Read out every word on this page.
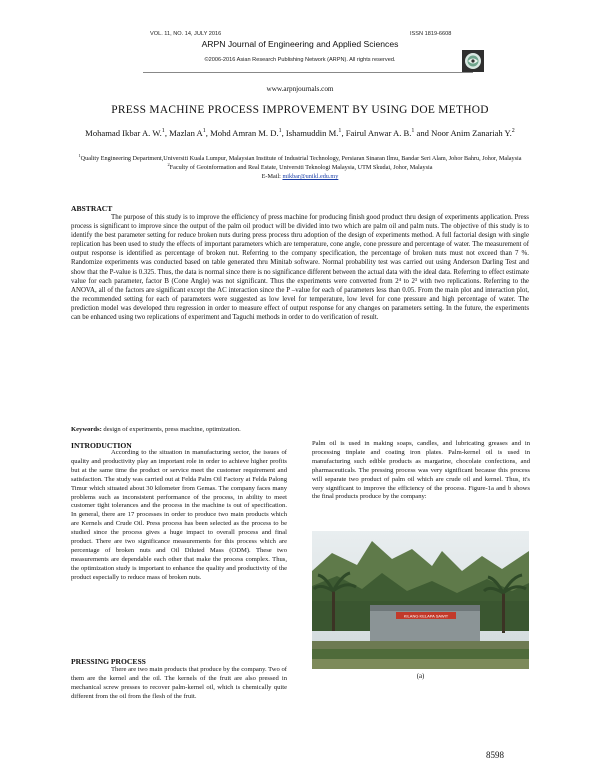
VOL. 11, NO. 14, JULY 2016	ISSN 1819-6608
ARPN Journal of Engineering and Applied Sciences
©2006-2016 Asian Research Publishing Network (ARPN). All rights reserved.
www.arpnjournals.com
PRESS MACHINE PROCESS IMPROVEMENT BY USING DOE METHOD
Mohamad Ikbar A. W.$^1$, Mazlan $A^1$, Mohd Amran M. D.$^1$, Ishamuddin M.$^1$, Fairul Anwar A. B.$^1$ and Noor Anim Zanariah Y.$^2$
$^1$Quality Engineering Department,Universiti Kuala Lumpur, Malaysian Institute of Industrial Technology, Persiaran Sinaran Ilmu, Bandar Seri Alam, Johor Bahru, Johor, Malaysia
$^2$Faculty of Geoinformation and Real Estate, Universiti Teknologi Malaysia, UTM Skudai, Johor, Malaysia
E-Mail: mikbar@unikl.edu.my
ABSTRACT

The purpose of this study is to improve the efficiency of press machine for producing finish good product thru design of experiments application. Press process is significant to improve since the output of the palm oil product will be divided into two which are palm oil and palm nuts. The objective of this study is to identify the best parameter setting for reduce broken nuts during press process thru adoption of the design of experiments method. A full factorial design with single replication has been used to study the effects of important parameters which are temperature, cone angle, cone pressure and percentage of water. The measurement of output response is identified as percentage of broken nut. Referring to the company specification, the percentage of broken nuts must not exceed than 7 %. Randomize experiments was conducted based on table generated thru Minitab software. Normal probability test was carried out using Anderson Darling Test and show that the P-value is 0.325. Thus, the data is normal since there is no significance different between the actual data with the ideal data. Referring to effect estimate value for each parameter, factor B (Cone Angle) was not significant. Thus the experiments were converted from 2⁴ to 2³ with two replications. Referring to the ANOVA, all of the factors are significant except the AC interaction since the P –value for each of parameters less than 0.05. From the main plot and interaction plot, the recommended setting for each of parameters were suggested as low level for temperature, low level for cone pressure and high percentage of water. The prediction model was developed thru regression in order to measure effect of output response for any changes on parameters setting. In the future, the experiments can be enhanced using two replications of experiment and Taguchi methods in order to do verification of result.

Keywords: design of experiments, press machine, optimization.
INTRODUCTION

According to the situation in manufacturing sector, the issues of quality and productivity play an important role in order to achieve higher profits but at the same time the product or service meet the customer requirement and satisfaction. The study was carried out at Felda Palm Oil Factory at Felda Palong Timur which situated about 30 kilometer from Gemas. The company faces many problems such as inconsistent performance of the process, in ability to meet customer tight tolerances and the process in the machine is out of specification. In general, there are 17 processes in order to produce two main products which are Kernels and Crude Oil. Press process has been selected as the process to be studied since the process gives a huge impact to overall process and final product. There are two significance measurements for this process which are percentage of broken nuts and Oil Diluted Mass (ODM). These two measurements are dependable each other that make the process complex. Thus, the optimization study is important to enhance the quality and productivity of the product especially to reduce mass of broken nuts.

PRESSING PROCESS

There are two main products that produce by the company. Two of them are the kernel and the oil. The kernels of the fruit are also pressed in mechanical screw presses to recover palm-kernel oil, which is chemically quite different from the oil from the flesh of the fruit.

Palm oil is used in making soaps, candles, and lubricating greases and in processing tinplate and coating iron plates. Palm-kernel oil is used in manufacturing such edible products as margarine, chocolate confections, and pharmaceuticals. The pressing process was very significant because this process will separate two product of palm oil which are crude oil and kernel. Thus, it's very significant to improve the efficiency of the process. Figure-1a and b shows the final products produce by the company:

KILANG KELAPA SAWIT
(a)
8598
